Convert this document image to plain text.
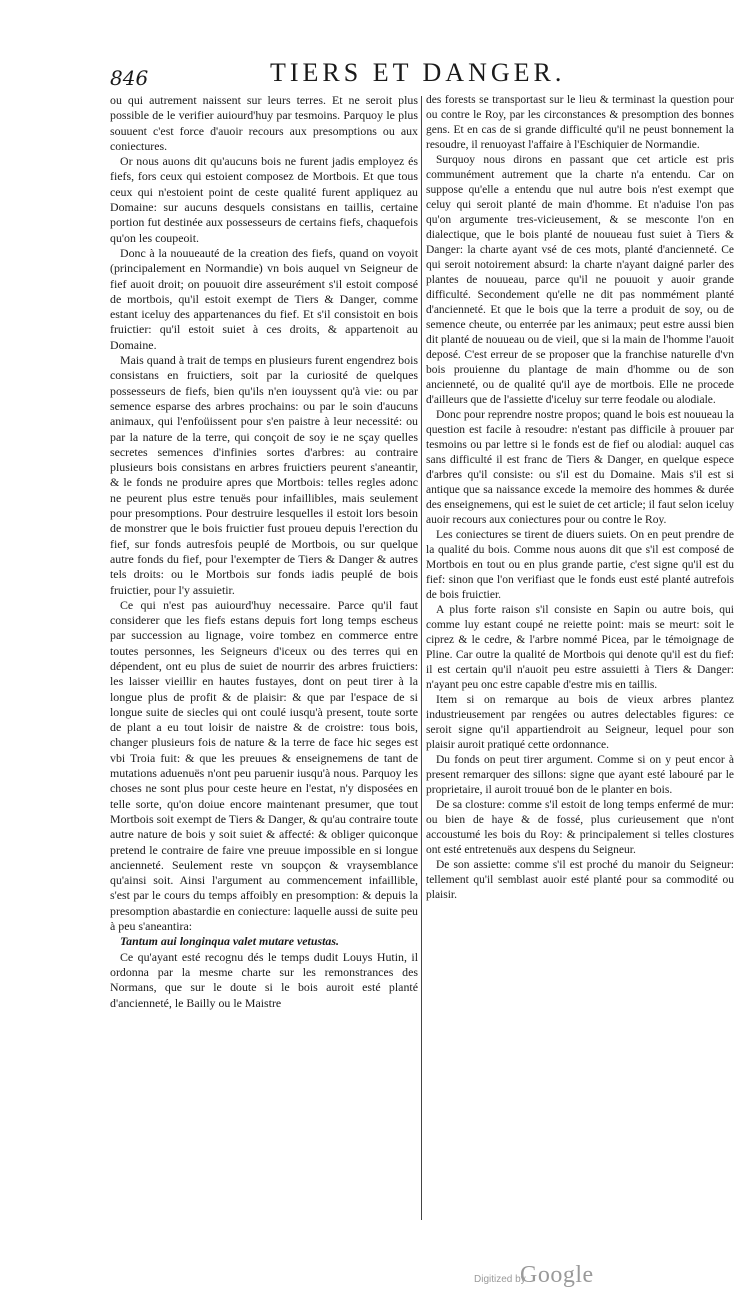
846	TIERS ET DANGER.

ou qui autrement naissent sur leurs terres. Et ne seroit plus possible de le verifier auiourd'huy par tesmoins. Parquoy le plus souuent c'est force d'auoir recours aux presomptions ou aux coniectures.

Or nous auons dit qu'aucuns bois ne furent jadis employez és fiefs, fors ceux qui estoient composez de Mortbois. Et que tous ceux qui n'estoient point de ceste qualité furent appliquez au Domaine: sur aucuns desquels consistans en taillis, certaine portion fut destinée aux possesseurs de certains fiefs, chaquefois qu'on les coupeoit.

Donc à la nouueauté de la creation des fiefs, quand on voyoit (principalement en Normandie) vn bois auquel vn Seigneur de fief auoit droit; on pouuoit dire asseurément s'il estoit composé de mortbois, qu'il estoit exempt de Tiers & Danger, comme estant iceluy des appartenances du fief. Et s'il consistoit en bois fruictier: qu'il estoit suiet à ces droits, & appartenoit au Domaine.

Mais quand à trait de temps en plusieurs furent engendrez bois consistans en fruictiers, soit par la curiosité de quelques possesseurs de fiefs, bien qu'ils n'en iouyssent qu'à vie: ou par semence esparse des arbres prochains: ou par le soin d'aucuns animaux, qui l'enfoüissent pour s'en paistre à leur necessité: ou par la nature de la terre, qui conçoit de soy ie ne sçay quelles secretes semences d'infinies sortes d'arbres: au contraire plusieurs bois consistans en arbres fruictiers peurent s'aneantir, & le fonds ne produire apres que Mortbois: telles regles adonc ne peurent plus estre tenuës pour infaillibles, mais seulement pour presomptions. Pour destruire lesquelles il estoit lors besoin de monstrer que le bois fruictier fust proueu depuis l'erection du fief, sur fonds autresfois peuplé de Mortbois, ou sur quelque autre fonds du fief, pour l'exempter de Tiers & Danger & autres tels droits: ou le Mortbois sur fonds iadis peuplé de bois fruictier, pour l'y assuietir.

Ce qui n'est pas auiourd'huy necessaire. Parce qu'il faut considerer que les fiefs estans depuis fort long temps escheus par succession au lignage, voire tombez en commerce entre toutes personnes, les Seigneurs d'iceux ou des terres qui en dépendent, ont eu plus de suiet de nourrir des arbres fruictiers: les laisser vieillir en hautes fustayes, dont on peut tirer à la longue plus de profit & de plaisir: & que par l'espace de si longue suite de siecles qui ont coulé iusqu'à present, toute sorte de plant a eu tout loisir de naistre & de croistre: tous bois, changer plusieurs fois de nature & la terre de face hic seges est vbi Troia fuit: & que les preuues & enseignemens de tant de mutations aduenuës n'ont peu paruenir iusqu'à nous. Parquoy les choses ne sont plus pour ceste heure en l'estat, n'y disposées en telle sorte, qu'on doiue encore maintenant presumer, que tout Mortbois soit exempt de Tiers & Danger, & qu'au contraire toute autre nature de bois y soit suiet & affecté: & obliger quiconque pretend le contraire de faire vne preuue impossible en si longue ancienneté. Seulement reste vn soupçon & vraysemblance qu'ainsi soit. Ainsi l'argument au commencement infaillible, s'est par le cours du temps affoibly en presomption: & depuis la presomption abastardie en coniecture: laquelle aussi de suite peu à peu s'aneantira:

Tantum aui longinqua valet mutare vetustas.

Ce qu'ayant esté recognu dés le temps dudit Louys Hutin, il ordonna par la mesme charte sur les remonstrances des Normans, que sur le doute si le bois auroit esté planté d'ancienneté, le Bailly ou le Maistre

des forests se transportast sur le lieu & terminast la question pour ou contre le Roy, par les circonstances & presomption des bonnes gens. Et en cas de si grande difficulté qu'il ne peust bonnement la resoudre, il renuoyast l'affaire à l'Eschiquier de Normandie.

Surquoy nous dirons en passant que cet article est pris communément autrement que la charte n'a entendu. Car on suppose qu'elle a entendu que nul autre bois n'est exempt que celuy qui seroit planté de main d'homme. Et n'aduise l'on pas qu'on argumente tres-vicieusement, & se mesconte l'on en dialectique, que le bois planté de nouueau fust suiet à Tiers & Danger: la charte ayant vsé de ces mots, planté d'ancienneté. Ce qui seroit notoirement absurd: la charte n'ayant daigné parler des plantes de nouueau, parce qu'il ne pouuoit y auoir grande difficulté. Secondement qu'elle ne dit pas nommément planté d'ancienneté. Et que le bois que la terre a produit de soy, ou de semence cheute, ou enterrée par les animaux; peut estre aussi bien dit planté de nouueau ou de vieil, que si la main de l'homme l'auoit deposé. C'est erreur de se proposer que la franchise naturelle d'vn bois prouienne du plantage de main d'homme ou de son ancienneté, ou de qualité qu'il aye de mortbois. Elle ne procede d'ailleurs que de l'assiette d'iceluy sur terre feodale ou alodiale.

Donc pour reprendre nostre propos; quand le bois est nouueau la question est facile à resoudre: n'estant pas difficile à prouuer par tesmoins ou par lettre si le fonds est de fief ou alodial: auquel cas sans difficulté il est franc de Tiers & Danger, en quelque espece d'arbres qu'il consiste: ou s'il est du Domaine. Mais s'il est si antique que sa naissance excede la memoire des hommes & durée des enseignemens, qui est le suiet de cet article; il faut selon iceluy auoir recours aux coniectures pour ou contre le Roy.

Les coniectures se tirent de diuers suiets. On en peut prendre de la qualité du bois. Comme nous auons dit que s'il est composé de Mortbois en tout ou en plus grande partie, c'est signe qu'il est du fief: sinon que l'on verifiast que le fonds eust esté planté autrefois de bois fruictier.

A plus forte raison s'il consiste en Sapin ou autre bois, qui comme luy estant coupé ne reiette point: mais se meurt: soit le ciprez & le cedre, & l'arbre nommé Picea, par le témoignage de Pline. Car outre la qualité de Mortbois qui denote qu'il est du fief: il est certain qu'il n'auoit peu estre assuietti à Tiers & Danger: n'ayant peu onc estre capable d'estre mis en taillis.

Item si on remarque au bois de vieux arbres plantez industrieusement par rengées ou autres delectables figures: ce seroit signe qu'il appartiendroit au Seigneur, lequel pour son plaisir auroit pratiqué cette ordonnance.

Du fonds on peut tirer argument. Comme si on y peut encor à present remarquer des sillons: signe que ayant esté labouré par le proprietaire, il auroit trouué bon de le planter en bois.

De sa closture: comme s'il estoit de long temps enfermé de mur: ou bien de haye & de fossé, plus curieusement que n'ont accoustumé les bois du Roy: & principalement si telles clostures ont esté entretenuës aux despens du Seigneur.

De son assiette: comme s'il est proché du manoir du Seigneur: tellement qu'il semblast auoir esté planté pour sa commodité ou plaisir.

Digitized by
Google
